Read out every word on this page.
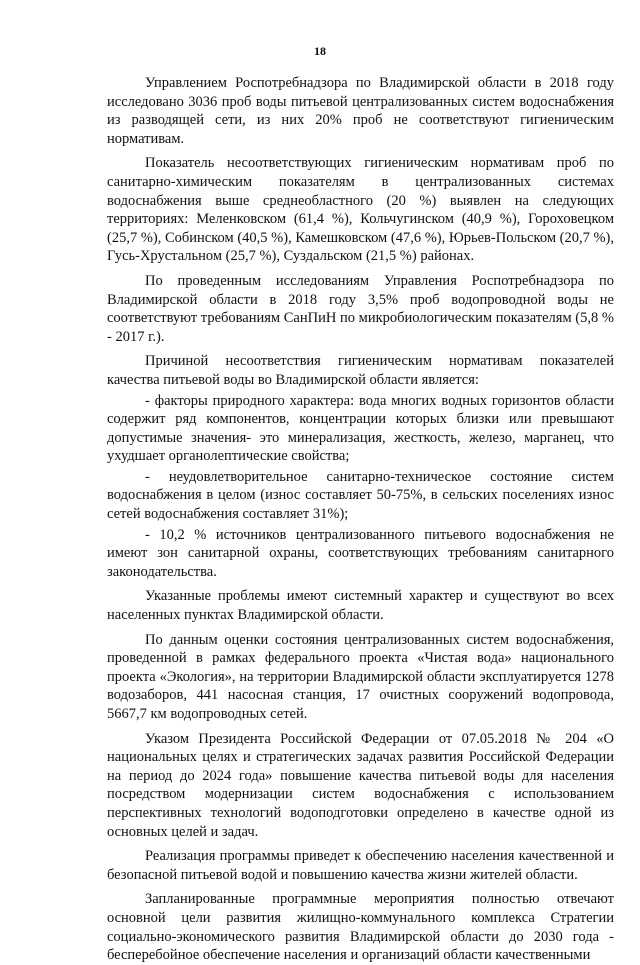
18

Управлением Роспотребнадзора по Владимирской области в 2018 году исследовано 3036 проб воды питьевой централизованных систем водоснабжения из разводящей сети, из них 20% проб не соответствуют гигиеническим нормативам.

Показатель несоответствующих гигиеническим нормативам проб по санитарно-химическим показателям в централизованных системах водоснабжения выше среднеобластного (20 %) выявлен на следующих территориях: Меленковском (61,4 %), Кольчугинском (40,9 %), Гороховецком (25,7 %), Собинском (40,5 %), Камешковском (47,6 %), Юрьев-Польском (20,7 %), Гусь-Хрустальном (25,7 %), Суздальском (21,5 %) районах.

По проведенным исследованиям Управления Роспотребнадзора по Владимирской области в 2018 году 3,5% проб водопроводной воды не соответствуют требованиям СанПиН по микробиологическим показателям (5,8 % - 2017 г.).

Причиной несоответствия гигиеническим нормативам показателей качества питьевой воды во Владимирской области является:

- факторы природного характера: вода многих водных горизонтов области содержит ряд компонентов, концентрации которых близки или превышают допустимые значения- это минерализация, жесткость, железо, марганец, что ухудшает органолептические свойства;

- неудовлетворительное санитарно-техническое состояние систем водоснабжения в целом (износ составляет 50-75%, в сельских поселениях износ сетей водоснабжения составляет 31%);

- 10,2 % источников централизованного питьевого водоснабжения не имеют зон санитарной охраны, соответствующих требованиям санитарного законодательства.

Указанные проблемы имеют системный характер и существуют во всех населенных пунктах Владимирской области.

По данным оценки состояния централизованных систем водоснабжения, проведенной в рамках федерального проекта «Чистая вода» национального проекта «Экология», на территории Владимирской области эксплуатируется 1278 водозаборов, 441 насосная станция, 17 очистных сооружений водопровода, 5667,7 км водопроводных сетей.

Указом Президента Российской Федерации от 07.05.2018 № 204 «О национальных целях и стратегических задачах развития Российской Федерации на период до 2024 года» повышение качества питьевой воды для населения посредством модернизации систем водоснабжения с использованием перспективных технологий водоподготовки определено в качестве одной из основных целей и задач.

Реализация программы приведет к обеспечению населения качественной и безопасной питьевой водой и повышению качества жизни жителей области.

Запланированные программные мероприятия полностью отвечают основной цели развития жилищно-коммунального комплекса Стратегии социально-экономического развития Владимирской области до 2030 года - бесперебойное обеспечение населения и организаций области качественными
